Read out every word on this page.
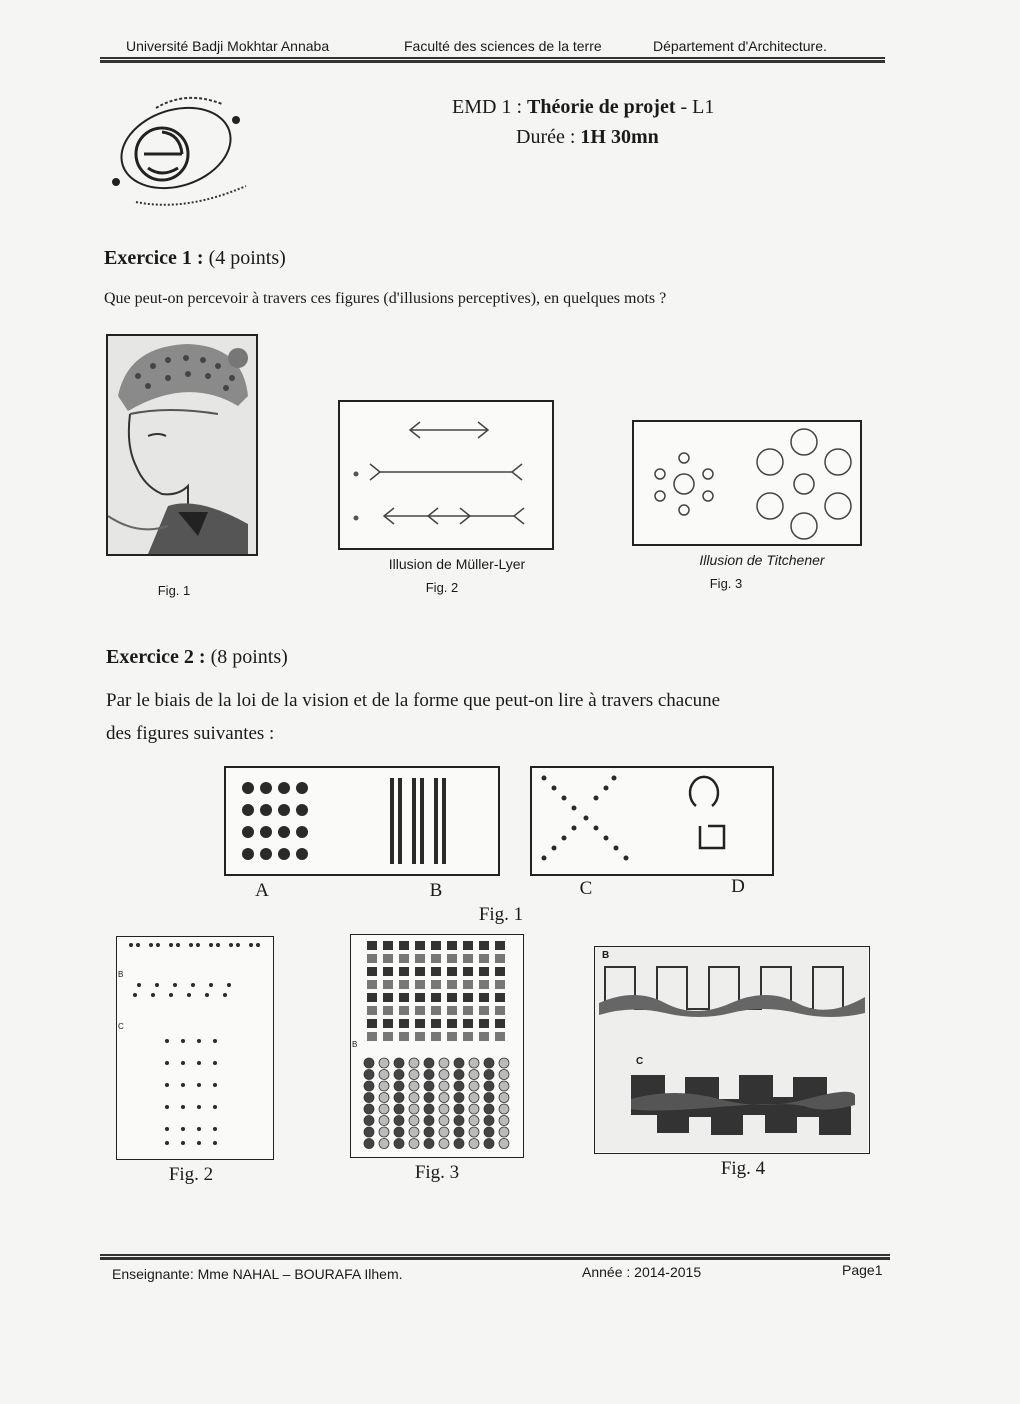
Université Badji Mokhtar Annaba	Faculté des sciences de la terre	Département d'Architecture.
EMD 1 : Théorie de projet - L1
Durée : 1H 30mn
Exercice 1 : (4 points)
Que peut-on percevoir à travers ces figures (d'illusions perceptives), en quelques mots ?
Fig. 1
Illusion de Müller-Lyer
Fig. 2
Illusion de Titchener
Fig. 3
Exercice 2 : (8 points)
Par le biais de la loi de la vision et de la forme que peut-on lire à travers chacune
des figures suivantes :
A	B	C	D
Fig. 1
B
C
Fig. 2
B
Fig. 3
B
C
Fig. 4
Enseignante: Mme NAHAL – BOURAFA Ilhem.	Année : 2014-2015	Page1
